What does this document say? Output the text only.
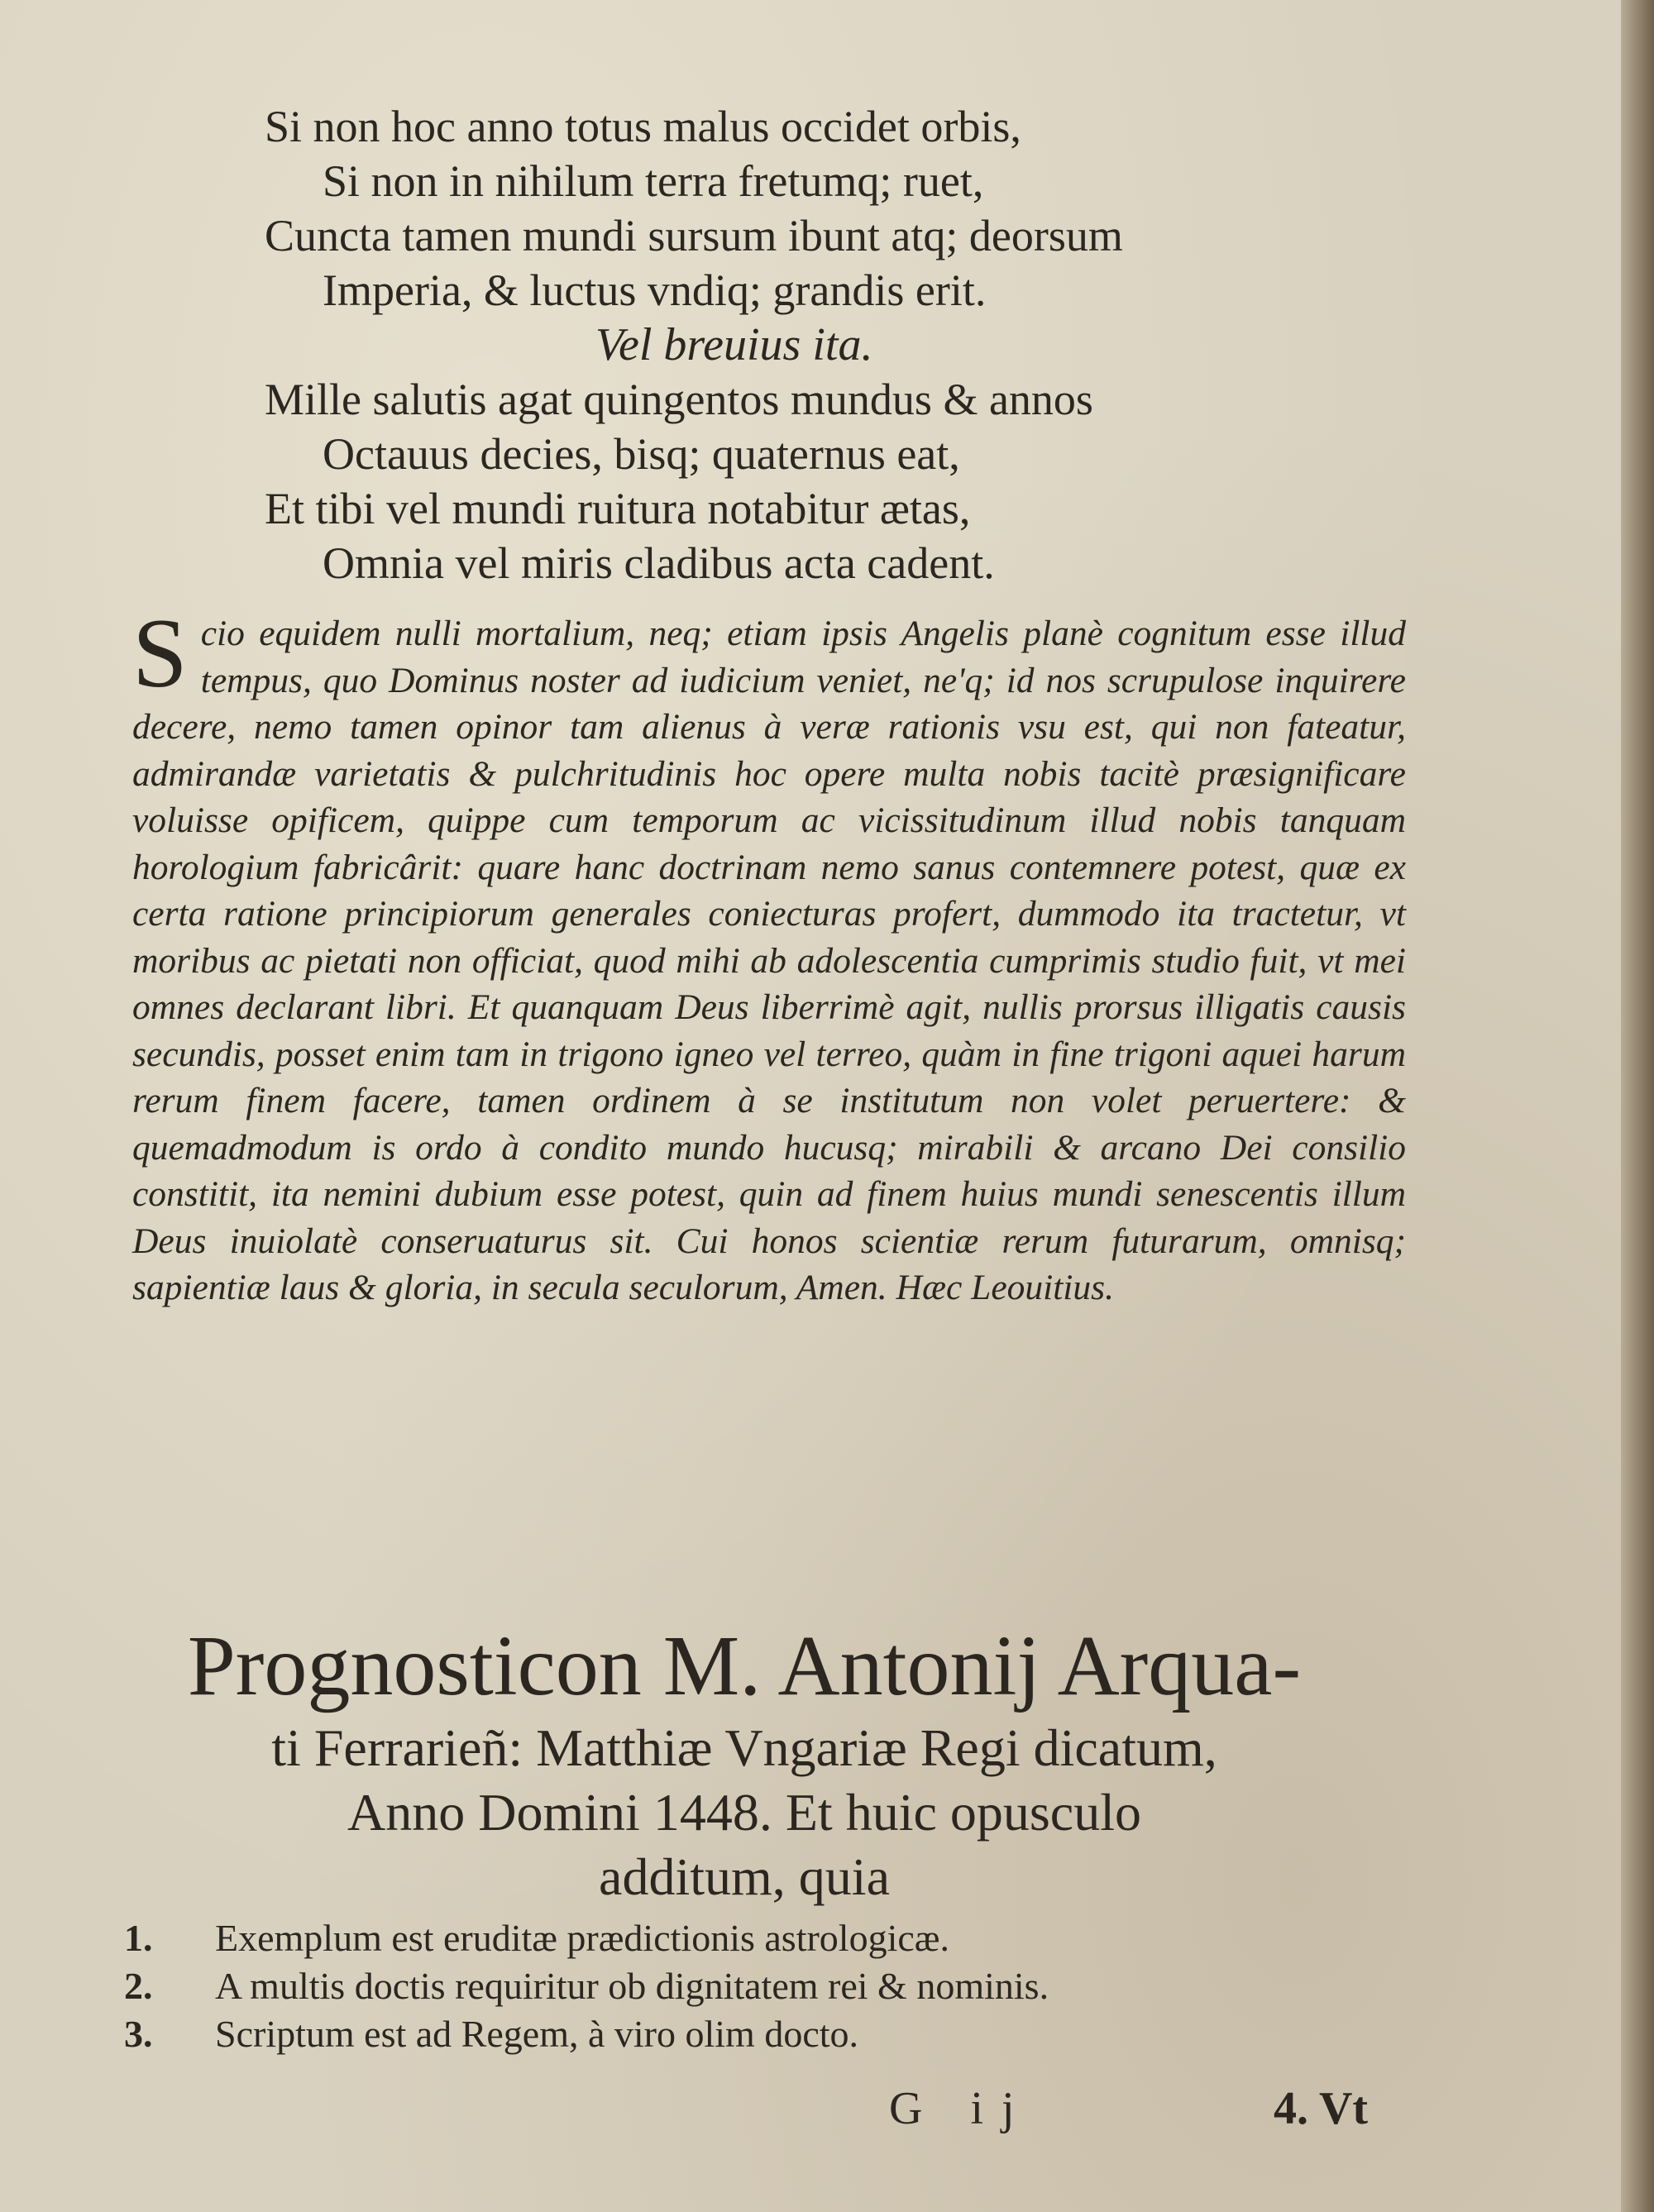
Si non hoc anno totus malus occidet orbis,
Si non in nihilum terra fretumq; ruet,
Cuncta tamen mundi sursum ibunt atq; deorsum
Imperia, & luctus vndiq; grandis erit.
Vel breuius ita.
Mille salutis agat quingentos mundus & annos
Octauus decies, bisq; quaternus eat,
Et tibi vel mundi ruitura notabitur ætas,
Omnia vel miris cladibus acta cadent.
S cio equidem nulli mortalium, neq; etiam ipsis Angelis planè cognitum esse illud tempus, quo Dominus noster ad iudicium veniet, ne'q; id nos scrupulose inquirere decere, nemo tamen opinor tam alienus à veræ rationis vsu est, qui non fateatur, admirandæ varietatis & pulchritudinis hoc opere multa nobis tacitè præsignificare voluisse opificem, quippe cum temporum ac vicissitudinum illud nobis tanquam horologium fabricârit: quare hanc doctrinam nemo sanus contemnere potest, quæ ex certa ratione principiorum generales coniecturas profert, dummodo ita tractetur, vt moribus ac pietati non officiat, quod mihi ab adolescentia cumprimis studio fuit, vt mei omnes declarant libri. Et quanquam Deus liberrimè agit, nullis prorsus illigatis causis secundis, posset enim tam in trigono igneo vel terreo, quàm in fine trigoni aquei harum rerum finem facere, tamen ordinem à se institutum non volet peruertere: & quemadmodum is ordo à condito mundo hucusq; mirabili & arcano Dei consilio constitit, ita nemini dubium esse potest, quin ad finem huius mundi senescentis illum Deus inuiolatè conseruaturus sit. Cui honos scientiæ rerum futurarum, omnisq; sapientiæ laus & gloria, in secula seculorum, Amen. Hæc Leouitius.
Prognosticon M. Antonij Arqua-
ti Ferrarieñ: Matthiæ Vngariæ Regi dicatum,
Anno Domini 1448. Et huic opusculo
additum, quia
1.	Exemplum est eruditæ prædictionis astrologicæ.
2.	A multis doctis requiritur ob dignitatem rei & nominis.
3.	Scriptum est ad Regem, à viro olim docto.
G ij	4. Vt
